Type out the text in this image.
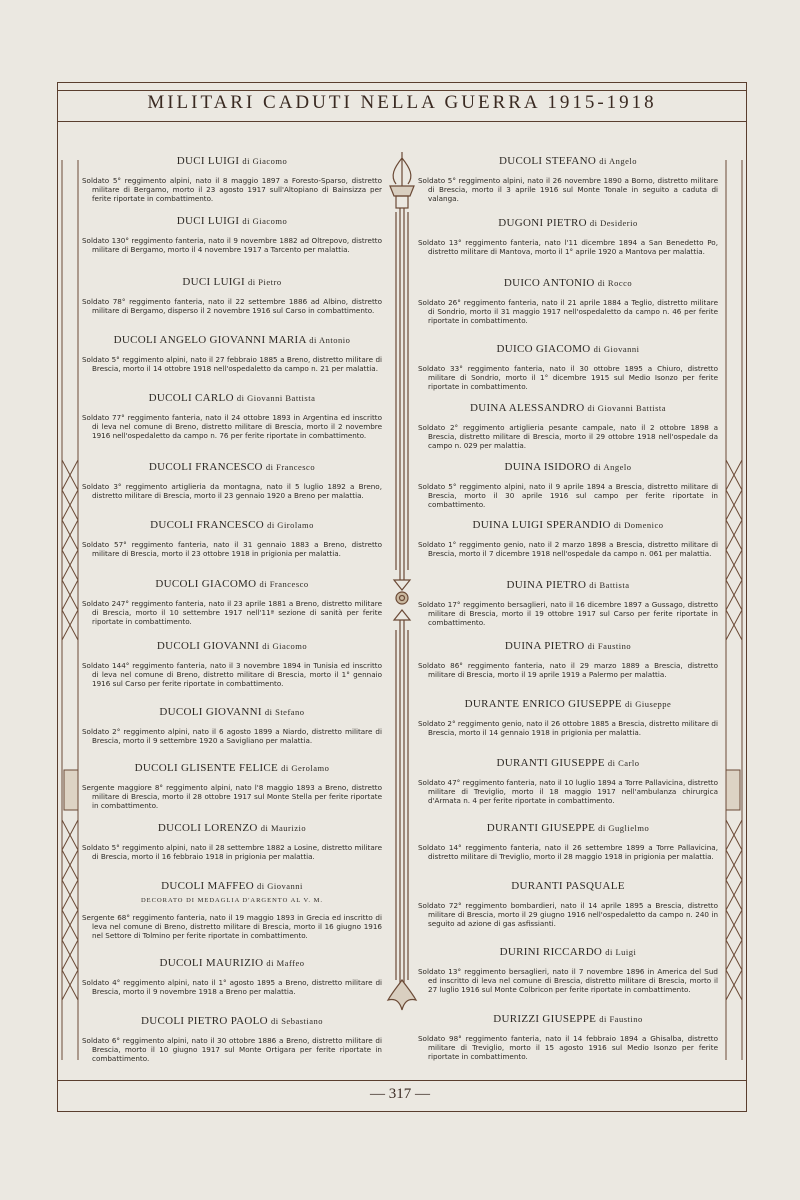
MILITARI CADUTI NELLA GUERRA 1915-1918
DUCI LUIGI di Giacomo
Soldato 5° reggimento alpini, nato il 8 maggio 1897 a Foresto-Sparso, distretto militare di Bergamo, morto il 23 agosto 1917 sull'Altopiano di Bainsizza per ferite riportate in combattimento.
DUCI LUIGI di Giacomo
Soldato 130° reggimento fanteria, nato il 9 novembre 1882 ad Oltrepovo, distretto militare di Bergamo, morto il 4 novembre 1917 a Tarcento per malattia.
DUCI LUIGI di Pietro
Soldato 78° reggimento fanteria, nato il 22 settembre 1886 ad Albino, distretto militare di Bergamo, disperso il 2 novembre 1916 sul Carso in combattimento.
DUCOLI ANGELO GIOVANNI MARIA di Antonio
Soldato 5° reggimento alpini, nato il 27 febbraio 1885 a Breno, distretto militare di Brescia, morto il 14 ottobre 1918 nell'ospedaletto da campo n. 21 per malattia.
DUCOLI CARLO di Giovanni Battista
Soldato 77° reggimento fanteria, nato il 24 ottobre 1893 in Argentina ed inscritto di leva nel comune di Breno, distretto militare di Brescia, morto il 2 novembre 1916 nell'ospedaletto da campo n. 76 per ferite riportate in combattimento.
DUCOLI FRANCESCO di Francesco
Soldato 3° reggimento artiglieria da montagna, nato il 5 luglio 1892 a Breno, distretto militare di Brescia, morto il 23 gennaio 1920 a Breno per malattia.
DUCOLI FRANCESCO di Girolamo
Soldato 57° reggimento fanteria, nato il 31 gennaio 1883 a Breno, distretto militare di Brescia, morto il 23 ottobre 1918 in prigionia per malattia.
DUCOLI GIACOMO di Francesco
Soldato 247° reggimento fanteria, nato il 23 aprile 1881 a Breno, distretto militare di Brescia, morto il 10 settembre 1917 nell'11ª sezione di sanità per ferite riportate in combattimento.
DUCOLI GIOVANNI di Giacomo
Soldato 144° reggimento fanteria, nato il 3 novembre 1894 in Tunisia ed inscritto di leva nel comune di Breno, distretto militare di Brescia, morto il 1° gennaio 1916 sul Carso per ferite riportate in combattimento.
DUCOLI GIOVANNI di Stefano
Soldato 2° reggimento alpini, nato il 6 agosto 1899 a Niardo, distretto militare di Brescia, morto il 9 settembre 1920 a Savigliano per malattia.
DUCOLI GLISENTE FELICE di Gerolamo
Sergente maggiore 8° reggimento alpini, nato l'8 maggio 1893 a Breno, distretto militare di Brescia, morto il 28 ottobre 1917 sul Monte Stella per ferite riportate in combattimento.
DUCOLI LORENZO di Maurizio
Soldato 5° reggimento alpini, nato il 28 settembre 1882 a Losine, distretto militare di Brescia, morto il 16 febbraio 1918 in prigionia per malattia.
DUCOLI MAFFEO di Giovanni
DECORATO DI MEDAGLIA D'ARGENTO AL V. M.
Sergente 68° reggimento fanteria, nato il 19 maggio 1893 in Grecia ed inscritto di leva nel comune di Breno, distretto militare di Brescia, morto il 16 giugno 1916 nel Settore di Tolmino per ferite riportate in combattimento.
DUCOLI MAURIZIO di Maffeo
Soldato 4° reggimento alpini, nato il 1° agosto 1895 a Breno, distretto militare di Brescia, morto il 9 novembre 1918 a Breno per malattia.
DUCOLI PIETRO PAOLO di Sebastiano
Soldato 6° reggimento alpini, nato il 30 ottobre 1886 a Breno, distretto militare di Brescia, morto il 10 giugno 1917 sul Monte Ortigara per ferite riportate in combattimento.
DUCOLI STEFANO di Angelo
Soldato 5° reggimento alpini, nato il 26 novembre 1890 a Borno, distretto militare di Brescia, morto il 3 aprile 1916 sul Monte Tonale in seguito a caduta di valanga.
DUGONI PIETRO di Desiderio
Soldato 13° reggimento fanteria, nato l'11 dicembre 1894 a San Benedetto Po, distretto militare di Mantova, morto il 1° aprile 1920 a Mantova per malattia.
DUICO ANTONIO di Rocco
Soldato 26° reggimento fanteria, nato il 21 aprile 1884 a Teglio, distretto militare di Sondrio, morto il 31 maggio 1917 nell'ospedaletto da campo n. 46 per ferite riportate in combattimento.
DUICO GIACOMO di Giovanni
Soldato 33° reggimento fanteria, nato il 30 ottobre 1895 a Chiuro, distretto militare di Sondrio, morto il 1° dicembre 1915 sul Medio Isonzo per ferite riportate in combattimento.
DUINA ALESSANDRO di Giovanni Battista
Soldato 2° reggimento artiglieria pesante campale, nato il 2 ottobre 1898 a Brescia, distretto militare di Brescia, morto il 29 ottobre 1918 nell'ospedale da campo n. 029 per malattia.
DUINA ISIDORO di Angelo
Soldato 5° reggimento alpini, nato il 9 aprile 1894 a Brescia, distretto militare di Brescia, morto il 30 aprile 1916 sul campo per ferite riportate in combattimento.
DUINA LUIGI SPERANDIO di Domenico
Soldato 1° reggimento genio, nato il 2 marzo 1898 a Brescia, distretto militare di Brescia, morto il 7 dicembre 1918 nell'ospedale da campo n. 061 per malattia.
DUINA PIETRO di Battista
Soldato 17° reggimento bersaglieri, nato il 16 dicembre 1897 a Gussago, distretto militare di Brescia, morto il 19 ottobre 1917 sul Carso per ferite riportate in combattimento.
DUINA PIETRO di Faustino
Soldato 86° reggimento fanteria, nato il 29 marzo 1889 a Brescia, distretto militare di Brescia, morto il 19 aprile 1919 a Palermo per malattia.
DURANTE ENRICO GIUSEPPE di Giuseppe
Soldato 2° reggimento genio, nato il 26 ottobre 1885 a Brescia, distretto militare di Brescia, morto il 14 gennaio 1918 in prigionia per malattia.
DURANTI GIUSEPPE di Carlo
Soldato 47° reggimento fanteria, nato il 10 luglio 1894 a Torre Pallavicina, distretto militare di Treviglio, morto il 18 maggio 1917 nell'ambulanza chirurgica d'Armata n. 4 per ferite riportate in combattimento.
DURANTI GIUSEPPE di Guglielmo
Soldato 14° reggimento fanteria, nato il 26 settembre 1899 a Torre Pallavicina, distretto militare di Treviglio, morto il 28 maggio 1918 in prigionia per malattia.
DURANTI PASQUALE
Soldato 72° reggimento bombardieri, nato il 14 aprile 1895 a Brescia, distretto militare di Brescia, morto il 29 giugno 1916 nell'ospedaletto da campo n. 240 in seguito ad azione di gas asfissianti.
DURINI RICCARDO di Luigi
Soldato 13° reggimento bersaglieri, nato il 7 novembre 1896 in America del Sud ed inscritto di leva nel comune di Brescia, distretto militare di Brescia, morto il 27 luglio 1916 sul Monte Colbricon per ferite riportate in combattimento.
DURIZZI GIUSEPPE di Faustino
Soldato 98° reggimento fanteria, nato il 14 febbraio 1894 a Ghisalba, distretto militare di Treviglio, morto il 15 agosto 1916 sul Medio Isonzo per ferite riportate in combattimento.
— 317 —
